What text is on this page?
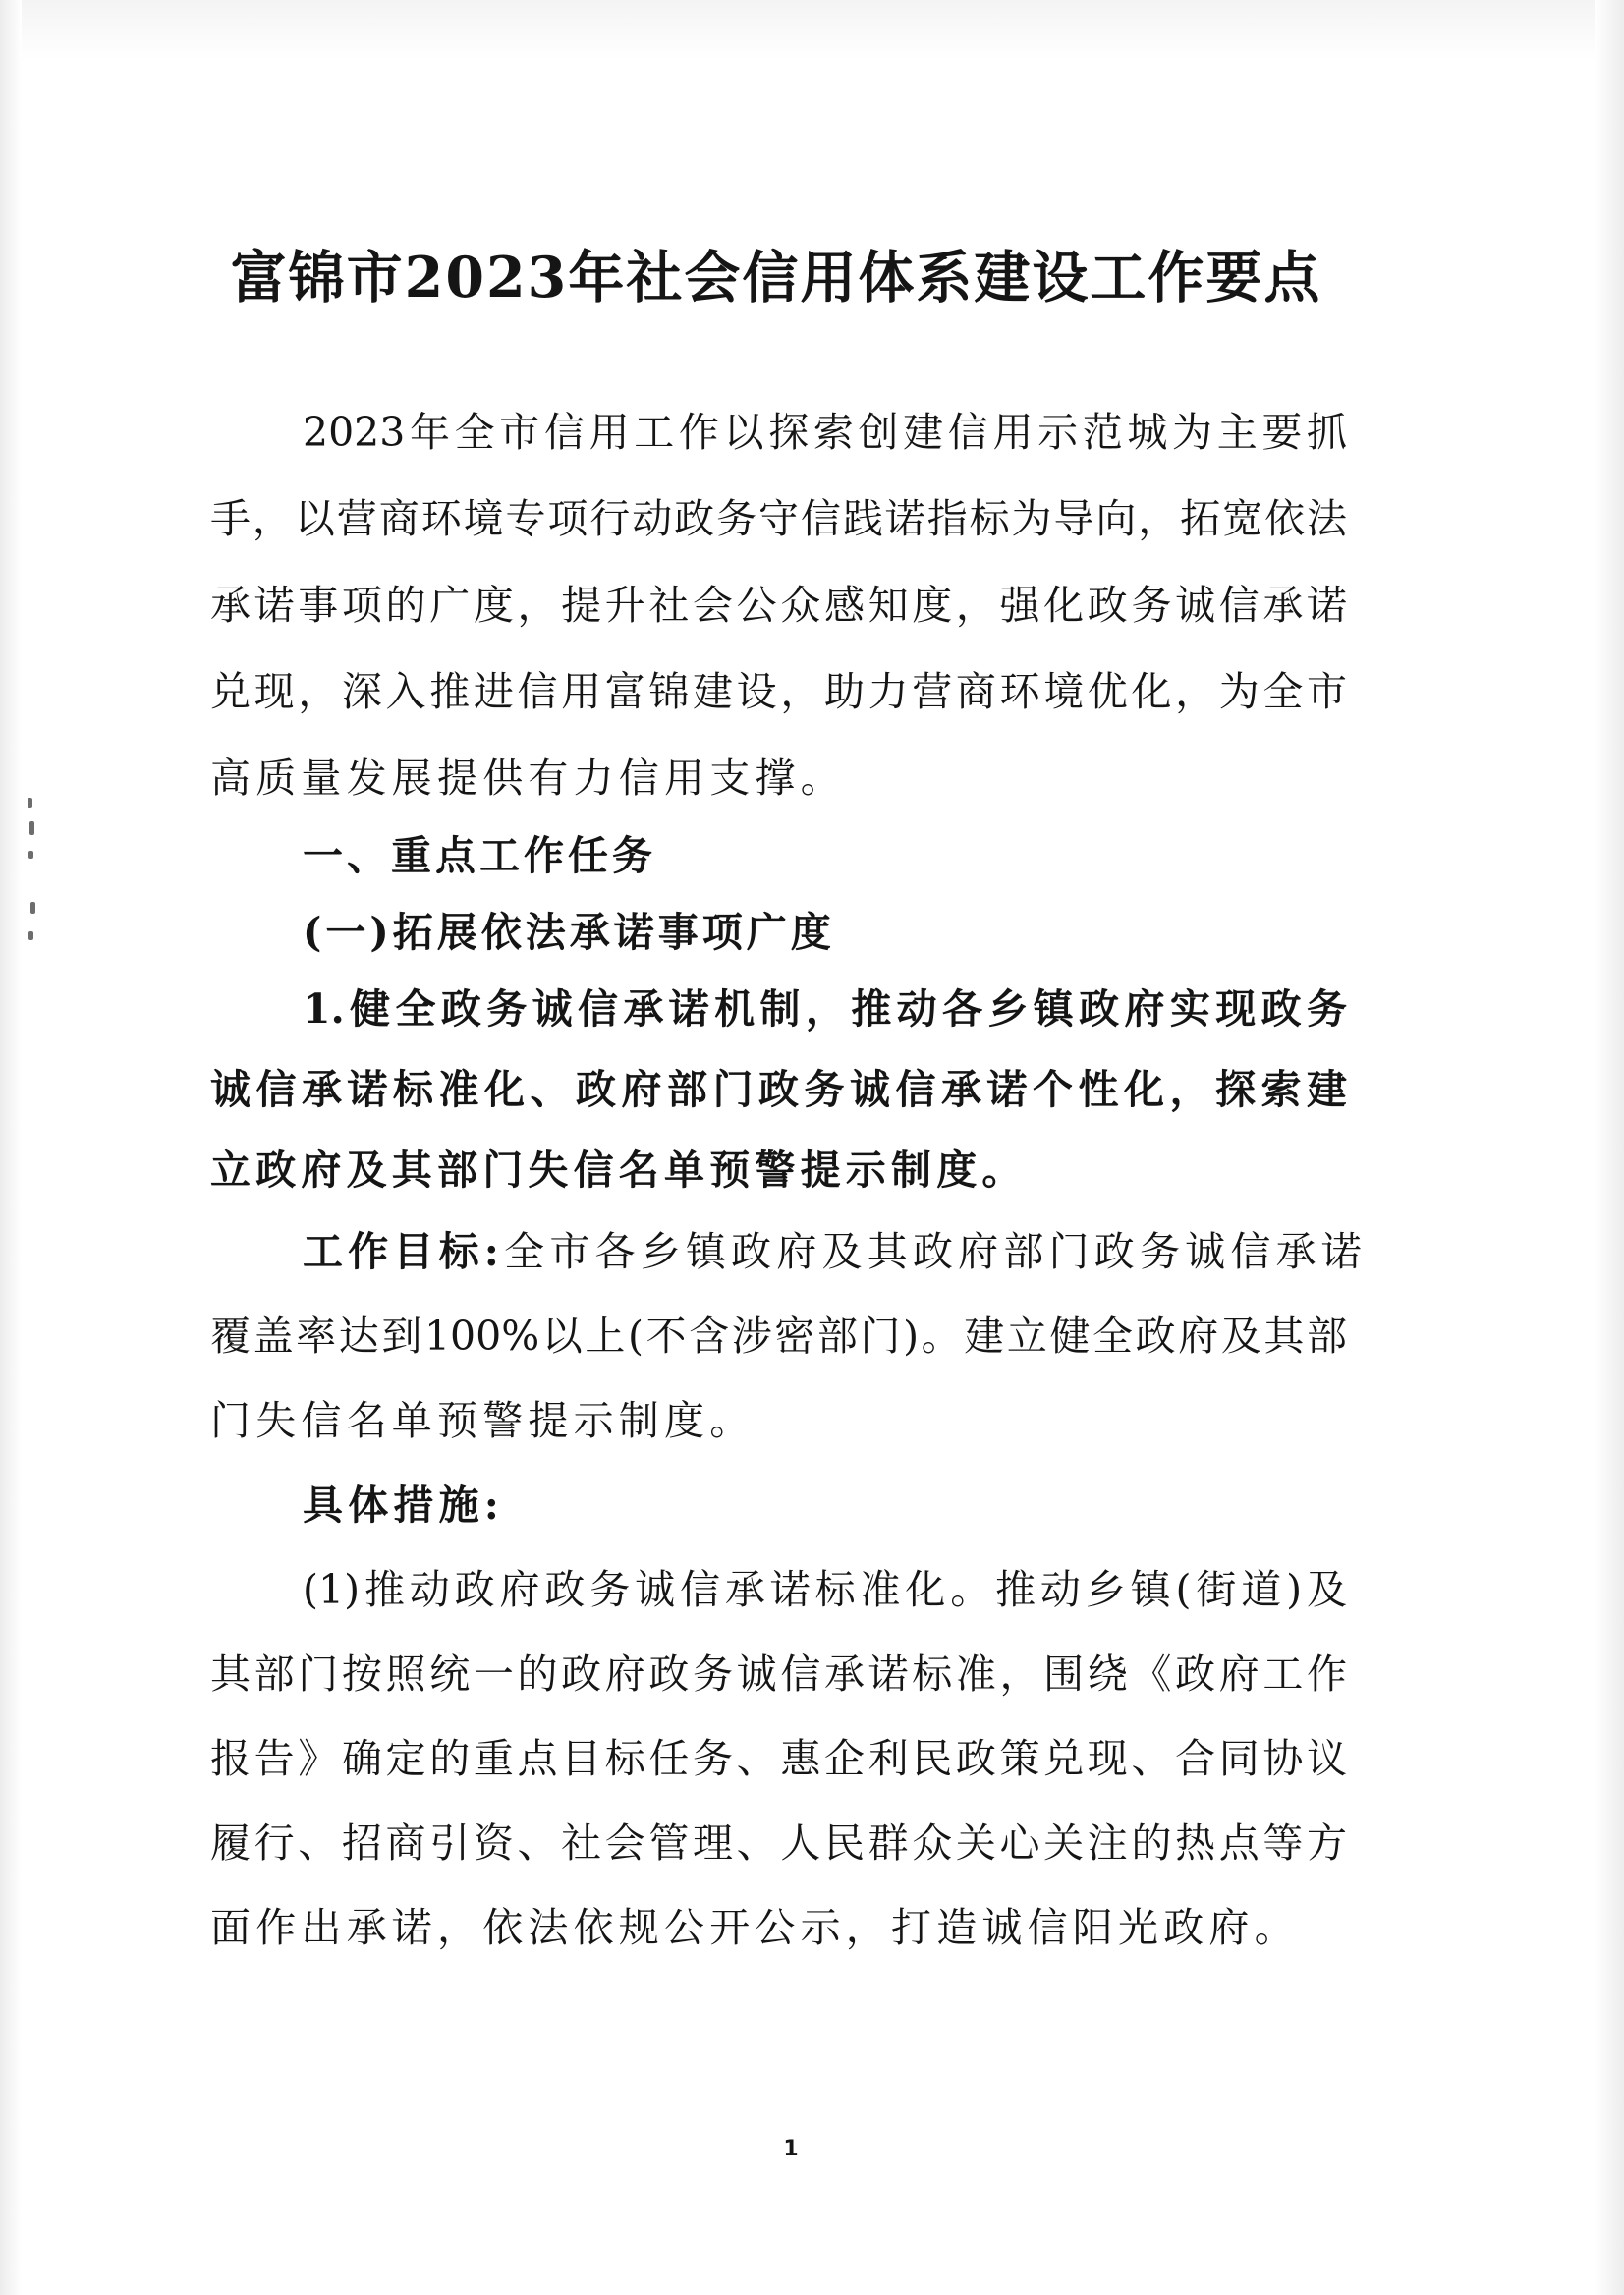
富锦市2023年社会信用体系建设工作要点
2023年全市信用工作以探索创建信用示范城为主要抓
手，以营商环境专项行动政务守信践诺指标为导向，拓宽依法
承诺事项的广度，提升社会公众感知度，强化政务诚信承诺
兑现，深入推进信用富锦建设，助力营商环境优化，为全市
高质量发展提供有力信用支撑。
一、重点工作任务
(一)拓展依法承诺事项广度
1.健全政务诚信承诺机制，推动各乡镇政府实现政务
诚信承诺标准化、政府部门政务诚信承诺个性化，探索建
立政府及其部门失信名单预警提示制度。
工作目标:全市各乡镇政府及其政府部门政务诚信承诺
覆盖率达到100%以上(不含涉密部门)。建立健全政府及其部
门失信名单预警提示制度。
具体措施:
(1)推动政府政务诚信承诺标准化。推动乡镇(街道)及
其部门按照统一的政府政务诚信承诺标准，围绕《政府工作
报告》确定的重点目标任务、惠企利民政策兑现、合同协议
履行、招商引资、社会管理、人民群众关心关注的热点等方
面作出承诺，依法依规公开公示，打造诚信阳光政府。
1
